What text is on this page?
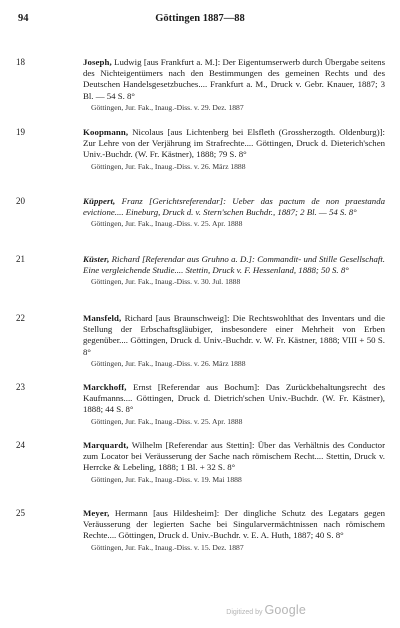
94	Göttingen 1887—88
18	Joseph, Ludwig [aus Frankfurt a. M.]: Der Eigentumserwerb durch Übergabe seitens des Nichteigentümers nach den Bestimmungen des gemeinen Rechts und des Deutschen Handelsgesetzbuches.... Frankfurt a. M., Druck v. Gebr. Knauer, 1887; 3 Bl. — 54 S. 8°
Göttingen, Jur. Fak., Inaug.-Diss. v. 29. Dez. 1887
19	Koopmann, Nicolaus [aus Lichtenberg bei Elsfleth (Grossherzogth. Oldenburg)]: Zur Lehre von der Verjährung im Strafrechte.... Göttingen, Druck d. Dieterich'schen Univ.-Buchdr. (W. Fr. Kästner), 1888; 79 S. 8°
Göttingen, Jur. Fak., Inaug.-Diss. v. 26. März 1888
20	Küppert, Franz [Gerichtsreferendar]: Ueber das pactum de non praestanda evictione.... Eineburg, Druck d. v. Stern'schen Buchdr., 1887; 2 Bl. — 54 S. 8°
Göttingen, Jur. Fak., Inaug.-Diss. v. 25. Apr. 1888
21	Küster, Richard [Referendar aus Gruhno a. D.]: Commandit- und Stille Gesellschaft. Eine vergleichende Studie.... Stettin, Druck v. F. Hessenland, 1888; 50 S. 8°
Göttingen, Jur. Fak., Inaug.-Diss. v. 30. Jul. 1888
22	Mansfeld, Richard [aus Braunschweig]: Die Rechtswohlthat des Inventars und die Stellung der Erbschaftsgläubiger, insbesondere einer Mehrheit von Erben gegenüber.... Göttingen, Druck d. Univ.-Buchdr. v. W. Fr. Kästner, 1888; VIII + 50 S. 8°
Göttingen, Jur. Fak., Inaug.-Diss. v. 26. März 1888
23	Marckhoff, Ernst [Referendar aus Bochum]: Das Zurückbehaltungsrecht des Kaufmanns.... Göttingen, Druck d. Dietrich'schen Univ.-Buchdr. (W. Fr. Kästner), 1888; 44 S. 8°
Göttingen, Jur. Fak., Inaug.-Diss. v. 25. Apr. 1888
24	Marquardt, Wilhelm [Referendar aus Stettin]: Über das Verhältnis des Conductor zum Locator bei Veräusserung der Sache nach römischem Recht.... Stettin, Druck v. Herrcke & Lebeling, 1888; 1 Bl. + 32 S. 8°
Göttingen, Jur. Fak., Inaug.-Diss. v. 19. Mai 1888
25	Meyer, Hermann [aus Hildesheim]: Der dingliche Schutz des Legatars gegen Veräusserung der legierten Sache bei Singularvermächtnissen nach römischem Rechte.... Göttingen, Druck d. Univ.-Buchdr. v. E. A. Huth, 1887; 40 S. 8°
Göttingen, Jur. Fak., Inaug.-Diss. v. 15. Dez. 1887
Digitized by Google
